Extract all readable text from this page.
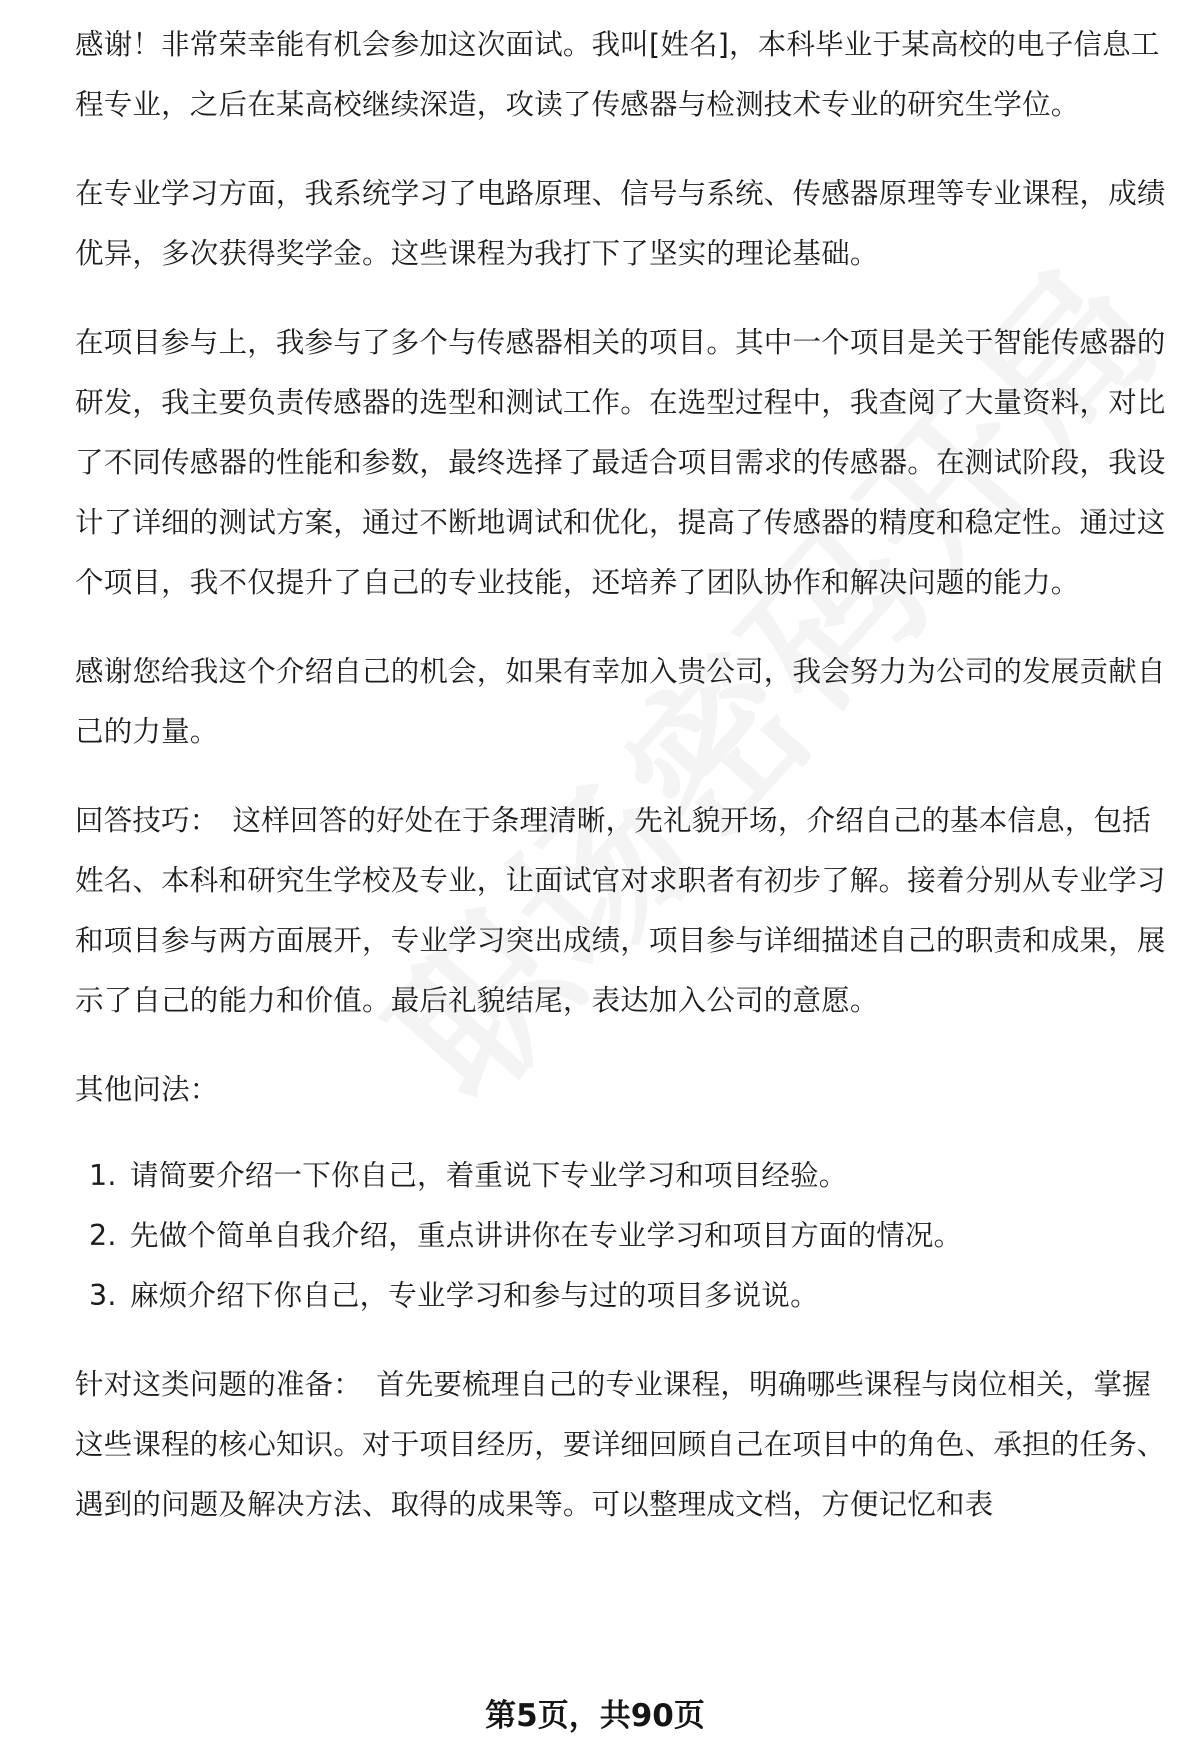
感谢！非常荣幸能有机会参加这次面试。我叫[姓名]，本科毕业于某高校的电子信息工程专业，之后在某高校继续深造，攻读了传感器与检测技术专业的研究生学位。

在专业学习方面，我系统学习了电路原理、信号与系统、传感器原理等专业课程，成绩优异，多次获得奖学金。这些课程为我打下了坚实的理论基础。

在项目参与上，我参与了多个与传感器相关的项目。其中一个项目是关于智能传感器的研发，我主要负责传感器的选型和测试工作。在选型过程中，我查阅了大量资料，对比了不同传感器的性能和参数，最终选择了最适合项目需求的传感器。在测试阶段，我设计了详细的测试方案，通过不断地调试和优化，提高了传感器的精度和稳定性。通过这个项目，我不仅提升了自己的专业技能，还培养了团队协作和解决问题的能力。

感谢您给我这个介绍自己的机会，如果有幸加入贵公司，我会努力为公司的发展贡献自己的力量。

回答技巧： 这样回答的好处在于条理清晰，先礼貌开场，介绍自己的基本信息，包括姓名、本科和研究生学校及专业，让面试官对求职者有初步了解。接着分别从专业学习和项目参与两方面展开，专业学习突出成绩，项目参与详细描述自己的职责和成果，展示了自己的能力和价值。最后礼貌结尾，表达加入公司的意愿。

其他问法：

1. 请简要介绍一下你自己，着重说下专业学习和项目经验。
2. 先做个简单自我介绍，重点讲讲你在专业学习和项目方面的情况。
3. 麻烦介绍下你自己，专业学习和参与过的项目多说说。

针对这类问题的准备： 首先要梳理自己的专业课程，明确哪些课程与岗位相关，掌握这些课程的核心知识。对于项目经历，要详细回顾自己在项目中的角色、承担的任务、遇到的问题及解决方法、取得的成果等。可以整理成文档，方便记忆和表

第5页，共90页
